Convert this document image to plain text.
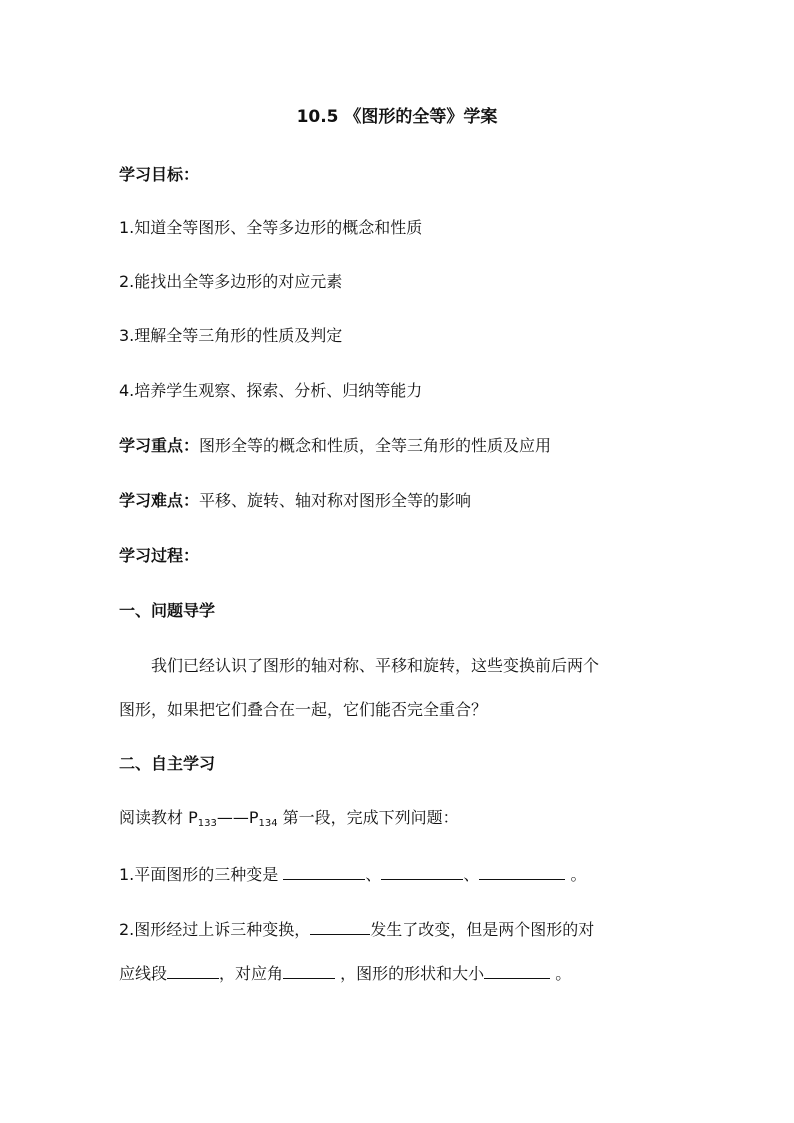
10.5 《图形的全等》学案
学习目标：
1.知道全等图形、全等多边形的概念和性质
2.能找出全等多边形的对应元素
3.理解全等三角形的性质及判定
4.培养学生观察、探索、分析、归纳等能力
学习重点：图形全等的概念和性质，全等三角形的性质及应用
学习难点：平移、旋转、轴对称对图形全等的影响
学习过程：
一、问题导学
我们已经认识了图形的轴对称、平移和旋转，这些变换前后两个
图形，如果把它们叠合在一起，它们能否完全重合？
二、自主学习
阅读教材 $P_{133}——P_{134}$ 第一段，完成下列问题：
1.平面图形的三种变是	、	、	。
2.图形经过上诉三种变换，	发生了改变，但是两个图形的对
应线段	，对应角	，图形的形状和大小	。
